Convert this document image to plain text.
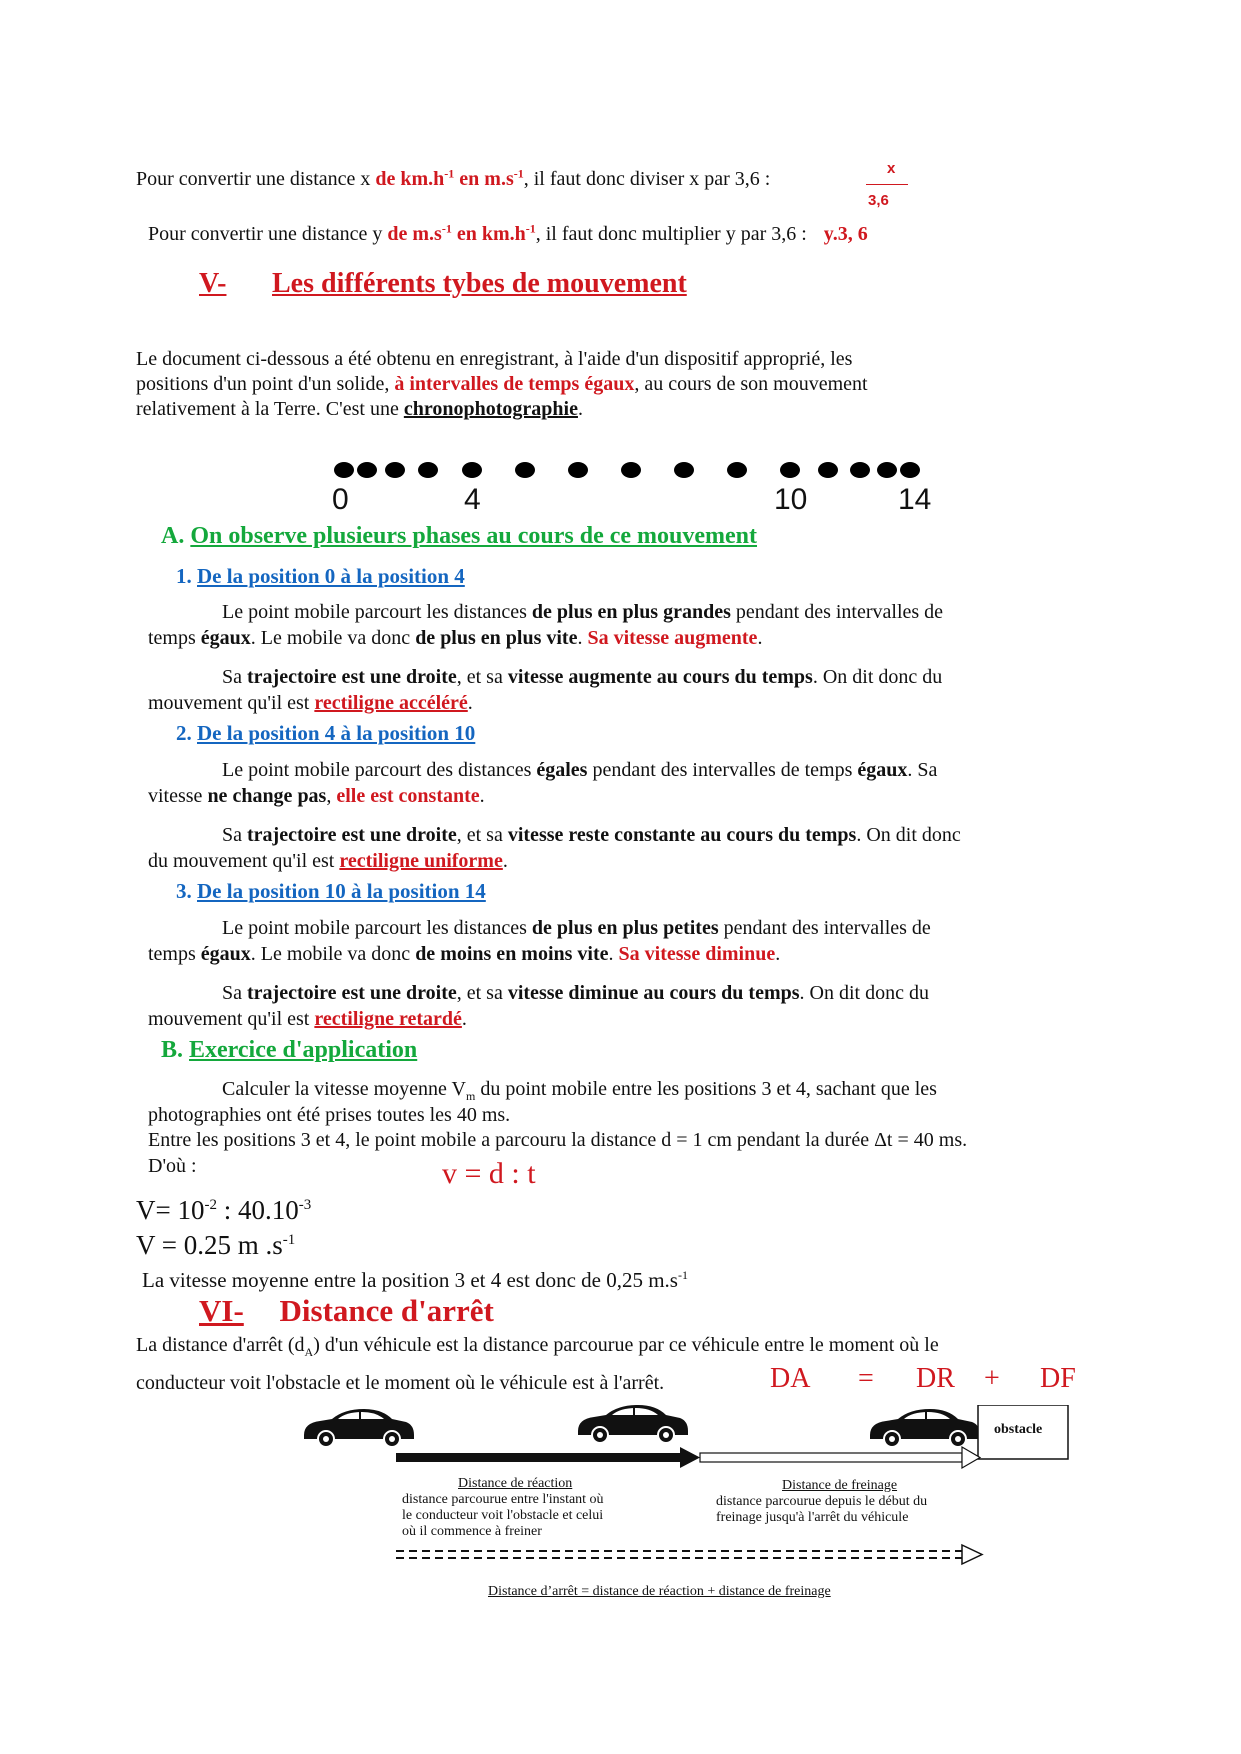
Pour convertir une distance x de $km.h^{-1}$ en $m.s^{-1}$, il faut donc diviser x par 3,6 :	x
3,6
Pour convertir une distance y de $m.s^{-1}$ en $km.h^{-1}$, il faut donc multiplier y par 3,6 : y.3, 6
V- Les différents tybes de mouvement
Le document ci-dessous a été obtenu en enregistrant, à l'aide d'un dispositif approprié, les
positions d'un point d'un solide, à intervalles de temps égaux, au cours de son mouvement
relativement à la Terre. C'est une chronophotographie.
0	4	10	14
A. On observe plusieurs phases au cours de ce mouvement
1. De la position 0 à la position 4
Le point mobile parcourt les distances de plus en plus grandes pendant des intervalles de
temps égaux. Le mobile va donc de plus en plus vite. Sa vitesse augmente.
Sa trajectoire est une droite, et sa vitesse augmente au cours du temps. On dit donc du
mouvement qu'il est rectiligne accéléré.
2. De la position 4 à la position 10
Le point mobile parcourt des distances égales pendant des intervalles de temps égaux. Sa
vitesse ne change pas, elle est constante.
Sa trajectoire est une droite, et sa vitesse reste constante au cours du temps. On dit donc
du mouvement qu'il est rectiligne uniforme.
3. De la position 10 à la position 14
Le point mobile parcourt les distances de plus en plus petites pendant des intervalles de
temps égaux. Le mobile va donc de moins en moins vite. Sa vitesse diminue.
Sa trajectoire est une droite, et sa vitesse diminue au cours du temps. On dit donc du
mouvement qu'il est rectiligne retardé.
B. Exercice d'application
Calculer la vitesse moyenne $V_m$ du point mobile entre les positions 3 et 4, sachant que les
photographies ont été prises toutes les 40 ms.
Entre les positions 3 et 4, le point mobile a parcouru la distance d = 1 cm pendant la durée Δt = 40 ms.
D'où :	v = d : t
$V= 10^{-2}$ : $40.10^{-3}$
V = 0.25 m $.s^{-1}$
La vitesse moyenne entre la position 3 et 4 est donc de 0,25 $m.s^{-1}$
VI- Distance d'arrêt
La distance d'arrêt $(d_A)$ d'un véhicule est la distance parcourue par ce véhicule entre le moment où le
conducteur voit l'obstacle et le moment où le véhicule est à l'arrêt.	DA = DR + DF
obstacle
Distance de réaction
distance parcourue entre l'instant où
le conducteur voit l'obstacle et celui
où il commence à freiner
Distance de freinage
distance parcourue depuis le début du
freinage jusqu'à l'arrêt du véhicule
Distance d’arrêt = distance de réaction + distance de freinage
